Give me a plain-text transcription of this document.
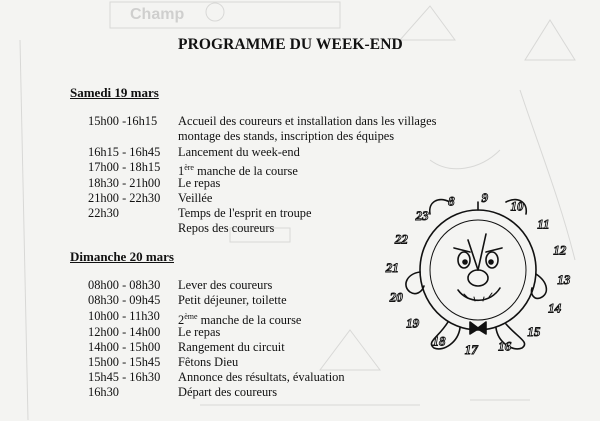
Champ
PROGRAMME DU WEEK-END
Samedi 19 mars
15h00 -16h15 Accueil des coureurs et installation dans les villages
montage des stands, inscription des équipes
16h15 - 16h45 Lancement du week-end
17h00 - 18h15 1ère manche de la course
18h30 - 21h00 Le repas
21h00 - 22h30 Veillée
22h30	Temps de l'esprit en troupe
Repos des coureurs
Dimanche 20 mars
08h00 - 08h30 Lever des coureurs
08h30 - 09h45 Petit déjeuner, toilette
10h00 - 11h30 2ème manche de la course
12h00 - 14h00 Le repas
14h00 - 15h00 Rangement du circuit
15h00 - 15h45 Fêtons Dieu
15h45 - 16h30 Annonce des résultats, évaluation
16h30	Départ des coureurs
8 9
10
11
12
13
14
15
16
17
18
19
20
21
22
23
